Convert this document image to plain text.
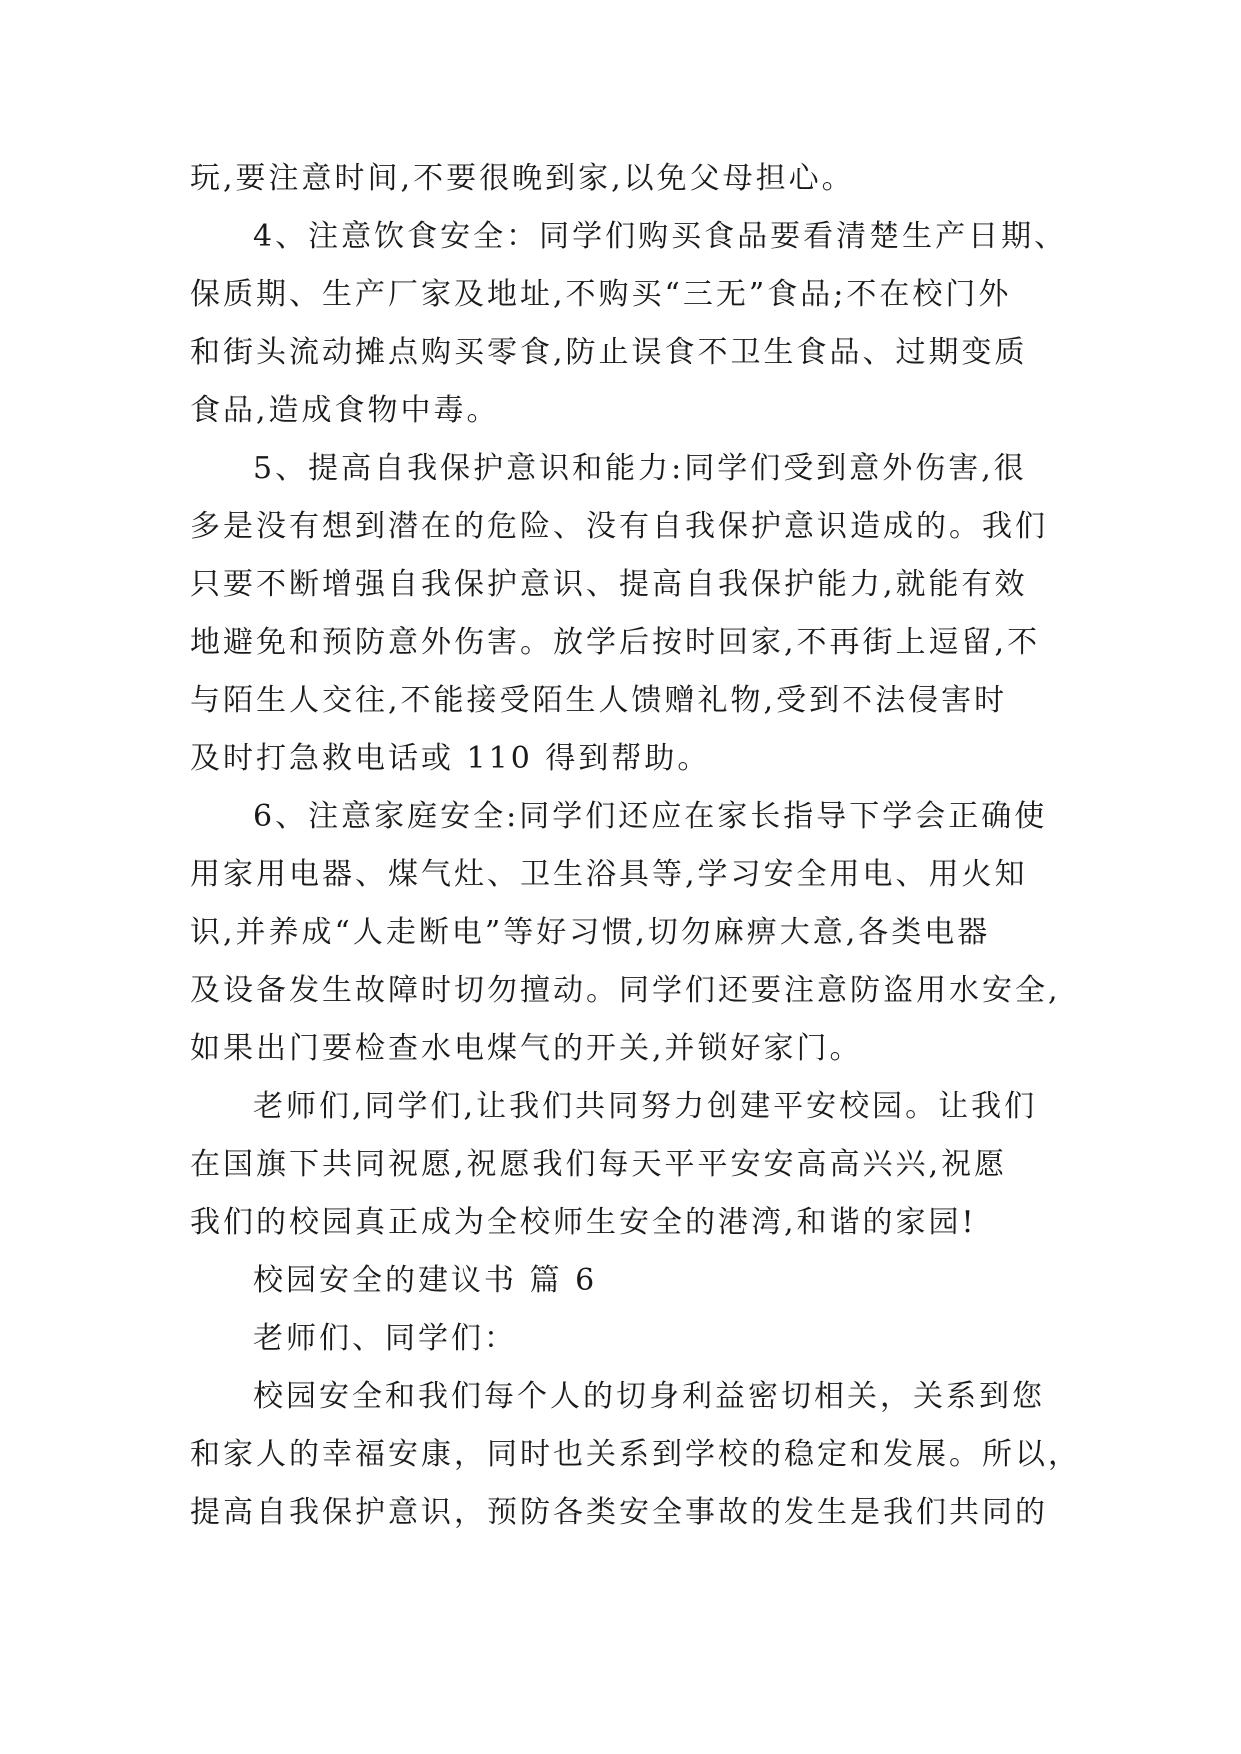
玩,要注意时间,不要很晚到家,以免父母担心。
4、注意饮食安全：同学们购买食品要看清楚生产日期、
保质期、生产厂家及地址,不购买“三无”食品;不在校门外
和街头流动摊点购买零食,防止误食不卫生食品、过期变质
食品,造成食物中毒。
5、提高自我保护意识和能力:同学们受到意外伤害,很
多是没有想到潜在的危险、没有自我保护意识造成的。我们
只要不断增强自我保护意识、提高自我保护能力,就能有效
地避免和预防意外伤害。放学后按时回家,不再街上逗留,不
与陌生人交往,不能接受陌生人馈赠礼物,受到不法侵害时
及时打急救电话或 110 得到帮助。
6、注意家庭安全:同学们还应在家长指导下学会正确使
用家用电器、煤气灶、卫生浴具等,学习安全用电、用火知
识,并养成“人走断电”等好习惯,切勿麻痹大意,各类电器
及设备发生故障时切勿擅动。同学们还要注意防盗用水安全,
如果出门要检查水电煤气的开关,并锁好家门。
老师们,同学们,让我们共同努力创建平安校园。让我们
在国旗下共同祝愿,祝愿我们每天平平安安高高兴兴,祝愿
我们的校园真正成为全校师生安全的港湾,和谐的家园!
校园安全的建议书 篇 6
老师们、同学们：
校园安全和我们每个人的切身利益密切相关，关系到您
和家人的幸福安康，同时也关系到学校的稳定和发展。所以，
提高自我保护意识，预防各类安全事故的发生是我们共同的
